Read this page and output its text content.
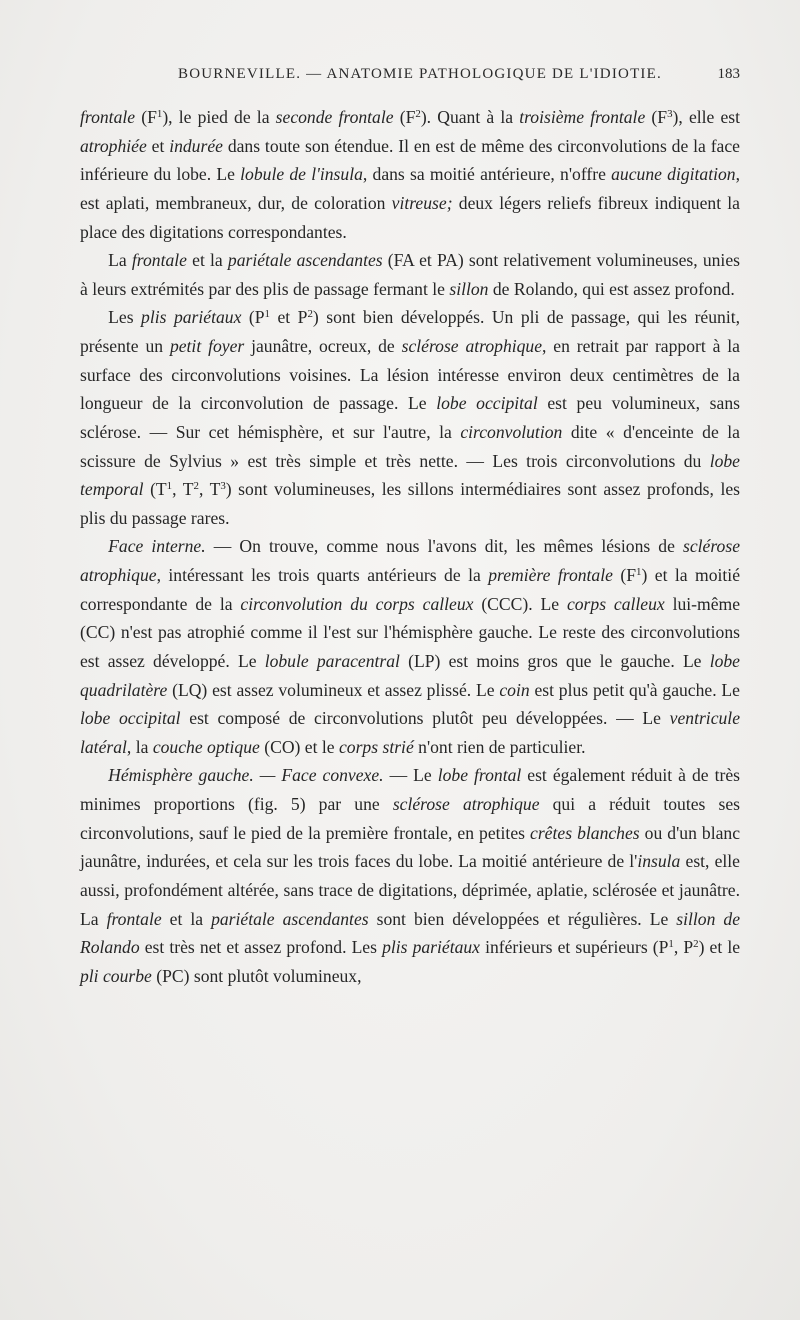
BOURNEVILLE. — ANATOMIE PATHOLOGIQUE DE L'IDIOTIE.	183

frontale $(F^1)$, le pied de la seconde frontale $(F^2)$. Quant à la troisième frontale $(F^3)$, elle est atrophiée et indurée dans toute son étendue. Il en est de même des circonvolutions de la face inférieure du lobe. Le lobule de l'insula, dans sa moitié antérieure, n'offre aucune digitation, est aplati, membraneux, dur, de coloration vitreuse; deux légers reliefs fibreux indiquent la place des digitations correspondantes.

La frontale et la pariétale ascendantes (FA et PA) sont relativement volumineuses, unies à leurs extrémités par des plis de passage fermant le sillon de Rolando, qui est assez profond.

Les plis pariétaux ($P^1$ et $P^2$) sont bien développés. Un pli de passage, qui les réunit, présente un petit foyer jaunâtre, ocreux, de sclérose atrophique, en retrait par rapport à la surface des circonvolutions voisines. La lésion intéresse environ deux centimètres de la longueur de la circonvolution de passage. Le lobe occipital est peu volumineux, sans sclérose. — Sur cet hémisphère, et sur l'autre, la circonvolution dite « d'enceinte de la scissure de Sylvius » est très simple et très nette. — Les trois circonvolutions du lobe temporal ($T^1$, $T^2$, $T^3$) sont volumineuses, les sillons intermédiaires sont assez profonds, les plis du passage rares.

Face interne. — On trouve, comme nous l'avons dit, les mêmes lésions de sclérose atrophique, intéressant les trois quarts antérieurs de la première frontale $(F^1)$ et la moitié correspondante de la circonvolution du corps calleux (CCC). Le corps calleux lui-même (CC) n'est pas atrophié comme il l'est sur l'hémisphère gauche. Le reste des circonvolutions est assez développé. Le lobule paracentral (LP) est moins gros que le gauche. Le lobe quadrilatère (LQ) est assez volumineux et assez plissé. Le coin est plus petit qu'à gauche. Le lobe occipital est composé de circonvolutions plutôt peu développées. — Le ventricule latéral, la couche optique (CO) et le corps strié n'ont rien de particulier.

Hémisphère gauche. — Face convexe. — Le lobe frontal est également réduit à de très minimes proportions (fig. 5) par une sclérose atrophique qui a réduit toutes ses circonvolutions, sauf le pied de la première frontale, en petites crêtes blanches ou d'un blanc jaunâtre, indurées, et cela sur les trois faces du lobe. La moitié antérieure de l'insula est, elle aussi, profondément altérée, sans trace de digitations, déprimée, aplatie, sclérosée et jaunâtre. La frontale et la pariétale ascendantes sont bien développées et régulières. Le sillon de Rolando est très net et assez profond. Les plis pariétaux inférieurs et supérieurs ($P^1$, $P^2$) et le pli courbe (PC) sont plutôt volumineux,
